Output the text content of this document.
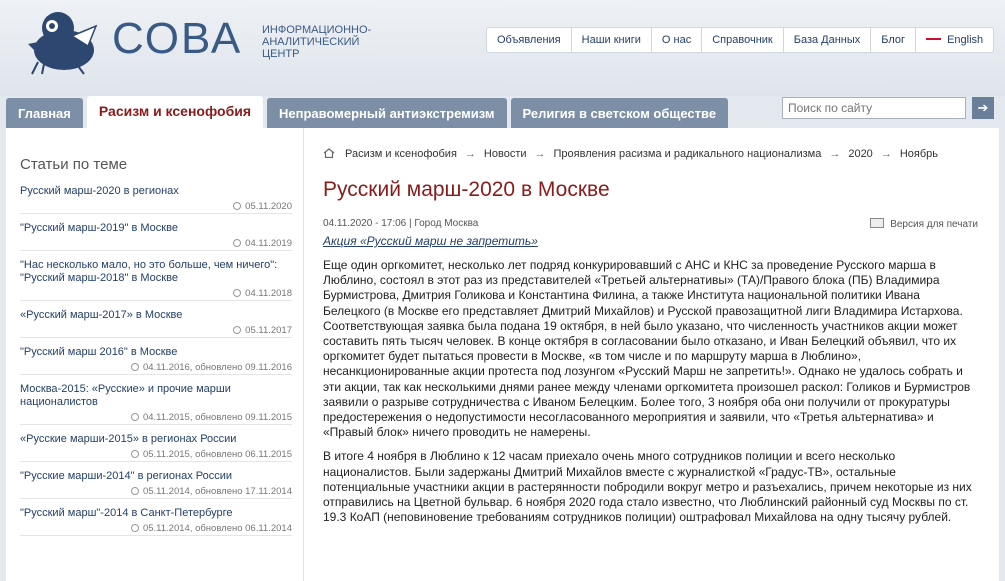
СОВА ИНФОРМАЦИОННО-АНАЛИТИЧЕСКИЙ ЦЕНТР
Объявления	Наши книги	О нас	Справочник	База Данных	Блог	English
Главная	Расизм и ксенофобия	Неправомерный антиэкстремизм	Религия в светском обществе
Поиск по сайту	➔
Статьи по теме
Русский марш-2020 в регионах
05.11.2020
"Русский марш-2019" в Москве
04.11.2019
"Нас несколько мало, но это больше, чем ничего": "Русский марш-2018" в Москве
04.11.2018
«Русский марш-2017» в Москве
05.11.2017
"Русский марш 2016" в Москве
04.11.2016, обновлено 09.11.2016
Москва-2015: «Русские» и прочие марши националистов
04.11.2015, обновлено 09.11.2015
«Русские марши-2015» в регионах России
05.11.2015, обновлено 06.11.2015
"Русские марши-2014" в регионах России
05.11.2014, обновлено 17.11.2014
"Русский марш"-2014 в Санкт-Петербурге
05.11.2014, обновлено 06.11.2014
Расизм и ксенофобия → Новости → Проявления расизма и радикального национализма → 2020 → Ноябрь
Русский марш-2020 в Москве
04.11.2020 - 17:06 | Город Москва	Версия для печати
Акция «Русский марш не запретить»

Еще один оргкомитет, несколько лет подряд конкурировавший с АНС и КНС за проведение Русского марша в Люблино, состоял в этот раз из представителей «Третьей альтернативы» (ТА)/Правого блока (ПБ) Владимира Бурмистрова, Дмитрия Голикова и Константина Филина, а также Института национальной политики Ивана Белецкого (в Москве его представляет Дмитрий Михайлов) и Русской правозащитной лиги Владимира Истархова. Соответствующая заявка была подана 19 октября, в ней было указано, что численность участников акции может составить пять тысяч человек. В конце октября в согласовании было отказано, и Иван Белецкий объявил, что их оргкомитет будет пытаться провести в Москве, «в том числе и по маршруту марша в Люблино», несанкционированные акции протеста под лозунгом «Русский Марш не запретить!». Однако не удалось собрать и эти акции, так как несколькими днями ранее между членами оргкомитета произошел раскол: Голиков и Бурмистров заявили о разрыве сотрудничества с Иваном Белецким. Более того, 3 ноября оба они получили от прокуратуры предостережения о недопустимости несогласованного мероприятия и заявили, что «Третья альтернатива» и «Правый блок» ничего проводить не намерены.

В итоге 4 ноября в Люблино к 12 часам приехало очень много сотрудников полиции и всего несколько националистов. Были задержаны Дмитрий Михайлов вместе с журналисткой «Градус-ТВ», остальные потенциальные участники акции в растерянности побродили вокруг метро и разъехались, причем некоторые из них отправились на Цветной бульвар. 6 ноября 2020 года стало известно, что Люблинский районный суд Москвы по ст. 19.3 КоАП (неповиновение требованиям сотрудников полиции) оштрафовал Михайлова на одну тысячу рублей.
